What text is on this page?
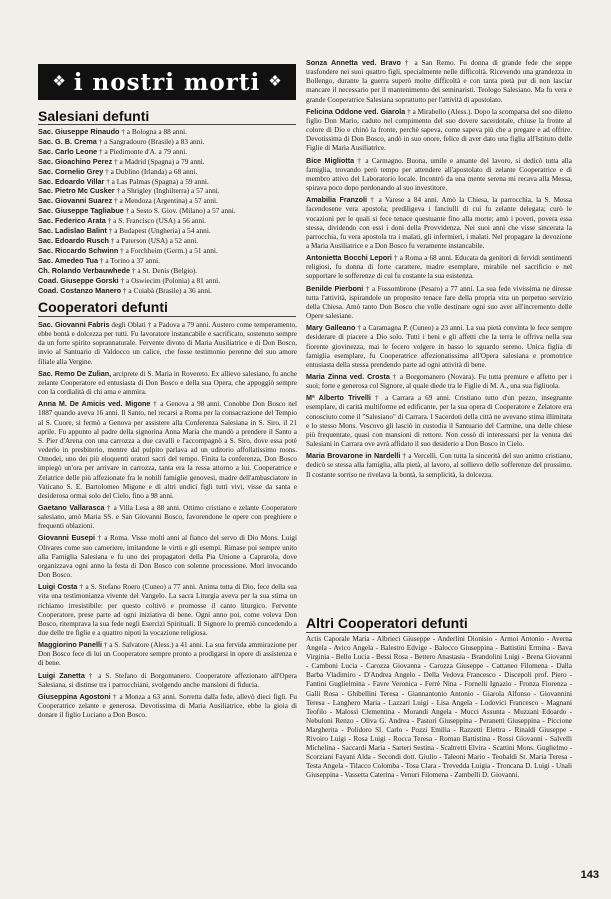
❖ i nostri morti ❖
Salesiani defunti
Sac. Giuseppe Rinaudo † a Bologna a 88 anni.
Sac. G. B. Crema † a Sangradouro (Brasile) a 83 anni.
Sac. Carlo Leone † a Piedimonte d'A. a 79 anni.
Sac. Gioachino Perez † a Madrid (Spagna) a 79 anni.
Sac. Cornelio Grey † a Dublino (Irlanda) a 68 anni.
Sac. Edoardo Villar † a Las Palmas (Spagna) a 59 anni.
Sac. Pietro Mc Cusker † a Shrigley (Inghilterra) a 57 anni.
Sac. Giovanni Suarez † a Mendoza (Argentina) a 57 anni.
Sac. Giuseppe Tagliabue † a Sesto S. Giov. (Milano) a 57 anni.
Sac. Federico Arata † a S. Francisco (USA) a 56 anni.
Sac. Ladislao Balint † a Budapest (Ungheria) a 54 anni.
Sac. Edoardo Rusch † a Paterson (USA) a 52 anni.
Sac. Riccardo Schwinn † a Forchheim (Germ.) a 51 anni.
Sac. Amedeo Tua † a Torino a 37 anni.
Ch. Rolando Verbauwhede † a St. Denis (Belgio).
Coad. Giuseppe Gorski † a Oswiecim (Polonia) a 81 anni.
Coad. Costanzo Manero † a Cuiabà (Brasile) a 36 anni.
Cooperatori defunti

Sac. Giovanni Fabris degli Oblati † a Padova a 79 anni. Austero come temperamento, ebbe bontà e dolcezza per tutti. Fu lavoratore instancabile e sacrificato, sostenuto sempre da un forte spirito soprannaturale. Fervente divoto di Maria Ausiliatrice e di Don Bosco, invio al Santuario di Valdocco un calice, che fosse testimonio perenne del suo amore filiale alla Vergine.

Sac. Remo De Zulian, arciprete di S. Maria in Rovereto. Ex allievo salesiano, fu anche zelante Cooperatore ed entusiasta di Don Bosco e della sua Opera, che appoggiò sempre con la cordialità di chi ama e ammira.

Anna M. De Amicis ved. Migone † a Genova a 98 anni. Conobbe Don Bosco nel 1887 quando aveva 16 anni. Il Santo, nel recarsi a Roma per la consacrazione del Tempio al S. Cuore, si fermò a Genova per assistere alla Conferenza Salesiana in S. Siro, il 21 aprile. Fu appunto al padre della signorina Anna Maria che mandò a prendere il Santo a S. Pier d'Arena con una carrozza a due cavalli e l'accompagnò a S. Siro, dove essa potè vederlo in presbiterio, mentre dal pulpito parlava ad un uditorio affollatissimo mons. Omodei, uno dei più eloquenti oratori sacri del tempo. Finita la conferenza, Don Bosco impiegò un'ora per arrivare in carrozza, tanta era la ressa attorno a lui. Cooperatrice e Zelatrice delle più affezionate fra le nobili famiglie genovesi, madre dell'ambasciatore in Vaticano S. E. Bartolomeo Migone e di altri undici figli tutti vivi, visse da santa e desiderosa ormai solo del Cielo, fino a 98 anni.

Gaetano Vallarasca † a Villa Lesa a 88 anni. Ottimo cristiano e zelante Cooperatore salesiano, amò Maria SS. e San Giovanni Bosco, favorendone le opere con preghiere e frequenti oblazioni.

Giovanni Eusepi † a Roma. Visse molti anni al fianco del servo di Dio Mons. Luigi Olivares come suo cameriere, imitandone le virtù e gli esempi. Rimase poi sempre unito alla Famiglia Salesiana e fu uno dei propagatori della Pia Unione a Caprarola, dove organizzava ogni anno la festa di Don Bosco con solenne processione. Morì invocando Don Bosco.

Luigi Costa † a S. Stefano Roero (Cuneo) a 77 anni. Anima tutta di Dio, fece della sua vita una testimonianza vivente del Vangelo. La sacra Liturgia aveva per la sua stima un richiamo irresistibile: per questo coltivò e promosse il canto liturgico. Fervente Cooperatore, prese parte ad ogni iniziativa di bene. Ogni anno poi, come voleva Don Bosco, ritemprava la sua fede negli Esercizi Spirituali. Il Signore lo premiò concedendo a due delle tre figlie e a quattro nipoti la vocazione religiosa.

Maggiorino Panelli † a S. Salvatore (Aless.) a 41 anni. La sua fervida ammirazione per Don Bosco fece di lui un Cooperatore sempre pronto a prodigarsi in opere di assistenza e di bene.

Luigi Zanetta † a S. Stefano di Borgomanero. Cooperatore affezionato all'Opera Salesiana, si distinse tra i parrocchiani, svolgendo anche mansioni di fiducia.

Giuseppina Agostoni † a Monza a 63 anni. Sorretta dalla fede, allevò dieci figli. Fu Cooperatrice zelante e generosa. Devotissima di Maria Ausiliatrice, ebbe la gioia di donare il figlio Luciano a Don Bosco.

Sonza Annetta ved. Bravo † a San Remo. Fu donna di grande fede che seppe trasfondere nei suoi quattro figli, specialmente nelle difficoltà. Ricevendo una grandezza in Bollengo, durante la guerra superò molte difficoltà e con tanta pietà pur di non lasciar mancare il necessario per il mantenimento dei seminaristi. Teologo Salesiano. Ma fu vera e grande Cooperatrice Salesiana soprattutto per l'attività di apostolato.

Felicina Oddone ved. Giarola † a Mirabello (Aless.). Dopo la scomparsa del suo diletto figlio Don Mario, caduto nel compimento del suo dovere sacerdotale, chiuse la fronte al colore di Dio e chinò la fronte, perchè sapeva, come sapeva più che a pregare e ad offrire. Devotissima di Don Bosco, andò in suo onore, felice di aver dato una figlia all'Istituto delle Figlie di Maria Ausiliatrice.

Bice Migliotta † a Carmagno. Buona, umile e amante del lavoro, si dedicò tutta alla famiglia, trovando però tempo per attendere all'apostolato di zelante Cooperatrice e di membro attivo del Laboratorio locale. Incontrò da una mente serena mi recava alla Messa, spirava poco dopo perdonando al suo investitore.

Amabilia Franzoli † a Varese a 84 anni. Amò la Chiesa, la parrocchia, la S. Messa facendosene vera apostola; prediligeva i fanciulli di cui fu zelante delegata; curò le vocazioni per le quali si fece tenace questuante fino alla morte; amò i poveri, povera essa stessa, dividendo con essi i doni della Provvidenza. Nei suoi anni che visse sincerata la parrocchia, fu vera apostola tra i malati, gli infermieri, i malati. Nel propagare la devozione a Maria Ausiliatrice e a Don Bosco fu veramente instancabile.

Antonietta Bocchi Lepori † a Roma a 68 anni. Educata da genitori di fervidi sentimenti religiosi, fu donna di forte carattere, madre esemplare, mirabile nel sacrificio e nel sopportare le sofferenze di cui fu costante la sua esistenza.

Benilde Pierboni † a Fossombrone (Pesaro) a 77 anni. La sua fede vivissima ne diresse tutta l'attività, ispirandole un proposito tenace fare della propria vita un perpetuo servizio della Chiesa. Amò tanto Don Bosco che volle destinare ogni suo aver all'incremento delle Opere salesiane.

Mary Galleano † a Caramagna P. (Cuneo) a 23 anni. La sua pietà convinta le fece sempre desiderare di piacere a Dio solo. Tutti i beni e gli affetti che la terra le offriva nella sua fiorente giovinezza, mai le fecero volgere in basso lo sguardo sereno. Unica figlia di famiglia esemplare, fu Cooperatrice affezionatissima all'Opera salesiana e promotrice entusiasta della stessa prendendo parte ad ogni attività di bene.

Maria Zinna ved. Crosta † a Borgomanero (Novara). Fu tutta premure e affetto per i suoi; forte e generosa col Signore, al quale diede tra le Figlie di M. A., una sua figliuola.

Mª Alberto Trivelli † a Carrara a 69 anni. Cristiano tutto d'un pezzo, insegnante esemplare, di carità multiforme ed edificante, per la sua opera di Cooperatore e Zelatore era conosciuto come il "Salesiano" di Carrara. I Sacerdoti della città ne avevano stima illimitata e lo stesso Mons. Vescovo gli lasciò in custodia il Santuario del Carmine, una delle chiese più frequentate, quasi con mansioni di rettore. Non cessò di interessarsi per la venuta dei Salesiani in Carrara ove avrà affidato il suo desiderio a Don Bosco in Cielo.

Maria Brovarone in Nardelli † a Vercelli. Con tutta la sincerità del suo animo cristiano, dedicò se stessa alla famiglia, alla pietà, al lavoro, al sollievo delle sofferenze del prossimo. Il costante sorriso ne rivelava la bontà, la semplicità, la dolcezza.

Altri Cooperatori defunti

Actis Caporale Maria - Albrieci Giuseppe - Anderlini Dionisio - Armoi Antonio - Averna Angela - Avico Angela - Balestro Edvige - Balocco Giuseppina - Battistini Ermina - Bava Virginia - Bello Lucia - Bessi Rosa - Bettero Anastasia - Brandolini Luigi - Brena Giovanni - Camboni Lucia - Carozza Giovanna - Carozza Giuseppe - Cattaneo Filomena - Dalla Barba Vladimiro - D'Andrea Angelo - Della Vedova Francesco - Discepoli prof. Piero - Fantini Guglielmina - Favre Veronica - Ferrè Nina - Fornelli Ignazio - Fronza Fiorenza - Galli Rosa - Ghibellini Teresa - Giannantonio Antonio - Giarola Alfonso - Giovannini Teresa - Langhero Maria - Lazzari Luigi - Lisa Angela - Lodovici Francesco - Magnani Teofilo - Malossi Clementina - Morandi Angela - Mucci Assunta - Muzzani Edoardo - Nebuloni Renzo - Oliva G. Andrea - Pastori Giuseppina - Peranetti Giuseppina - Piccione Margherita - Polidoro Sl. Carlo - Pozzi Emilia - Razzetti Elettra - Rinaldi Giuseppe - Rivoiro Luigi - Rosa Luigi - Rocca Teresa - Roman Battistina - Rossi Giovanni - Salvelli Michelina - Saccardi Maria - Sarteri Sestina - Scaltretti Elvira - Scattini Mons. Guglielmo - Scorziani Fayani Alda - Secondi dott. Giulio - Taleoni Mario - Teobaldi Sr. Maria Teresa - Testa Angela - Tilacco Colomba - Tosa Clara - Trevedda Luigia - Troncana D. Luigi - Unali Giuseppina - Vassetta Caterina - Venuri Filomena - Zambelli D. Giovanni.

143
